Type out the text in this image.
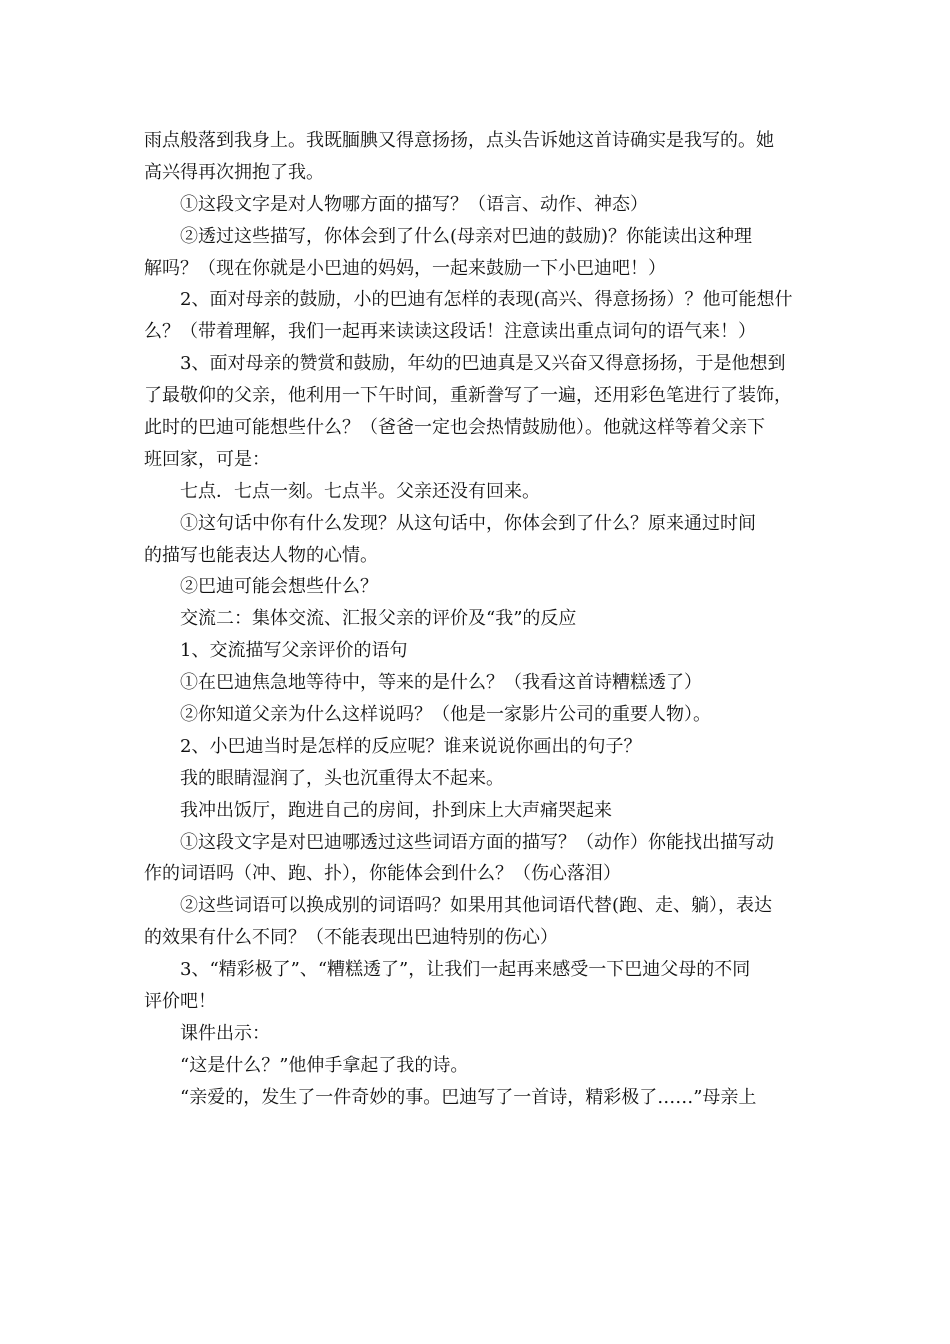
雨点般落到我身上。我既腼腆又得意扬扬，点头告诉她这首诗确实是我写的。她
高兴得再次拥抱了我。
①这段文字是对人物哪方面的描写？（语言、动作、神态）
②透过这些描写，你体会到了什么(母亲对巴迪的鼓励)？你能读出这种理
解吗？（现在你就是小巴迪的妈妈，一起来鼓励一下小巴迪吧！）
2、面对母亲的鼓励，小的巴迪有怎样的表现(高兴、得意扬扬）？他可能想什
么？（带着理解，我们一起再来读读这段话！注意读出重点词句的语气来！）
3、面对母亲的赞赏和鼓励，年幼的巴迪真是又兴奋又得意扬扬，于是他想到
了最敬仰的父亲，他利用一下午时间，重新誊写了一遍，还用彩色笔进行了装饰，
此时的巴迪可能想些什么？（爸爸一定也会热情鼓励他）。他就这样等着父亲下
班回家，可是：
七点．七点一刻。七点半。父亲还没有回来。
①这句话中你有什么发现？从这句话中，你体会到了什么？原来通过时间
的描写也能表达人物的心情。
②巴迪可能会想些什么？
交流二：集体交流、汇报父亲的评价及“我”的反应
1、交流描写父亲评价的语句
①在巴迪焦急地等待中，等来的是什么？（我看这首诗糟糕透了）
②你知道父亲为什么这样说吗？（他是一家影片公司的重要人物）。
2、小巴迪当时是怎样的反应呢？谁来说说你画出的句子？
我的眼睛湿润了，头也沉重得太不起来。
我冲出饭厅，跑进自己的房间，扑到床上大声痛哭起来
①这段文字是对巴迪哪透过这些词语方面的描写？（动作）你能找出描写动
作的词语吗（冲、跑、扑），你能体会到什么？（伤心落泪）
②这些词语可以换成别的词语吗？如果用其他词语代替(跑、走、躺），表达
的效果有什么不同？（不能表现出巴迪特别的伤心）
3、“精彩极了”、“糟糕透了”，让我们一起再来感受一下巴迪父母的不同
评价吧！
课件出示：
“这是什么？”他伸手拿起了我的诗。
“亲爱的，发生了一件奇妙的事。巴迪写了一首诗，精彩极了……”母亲上
